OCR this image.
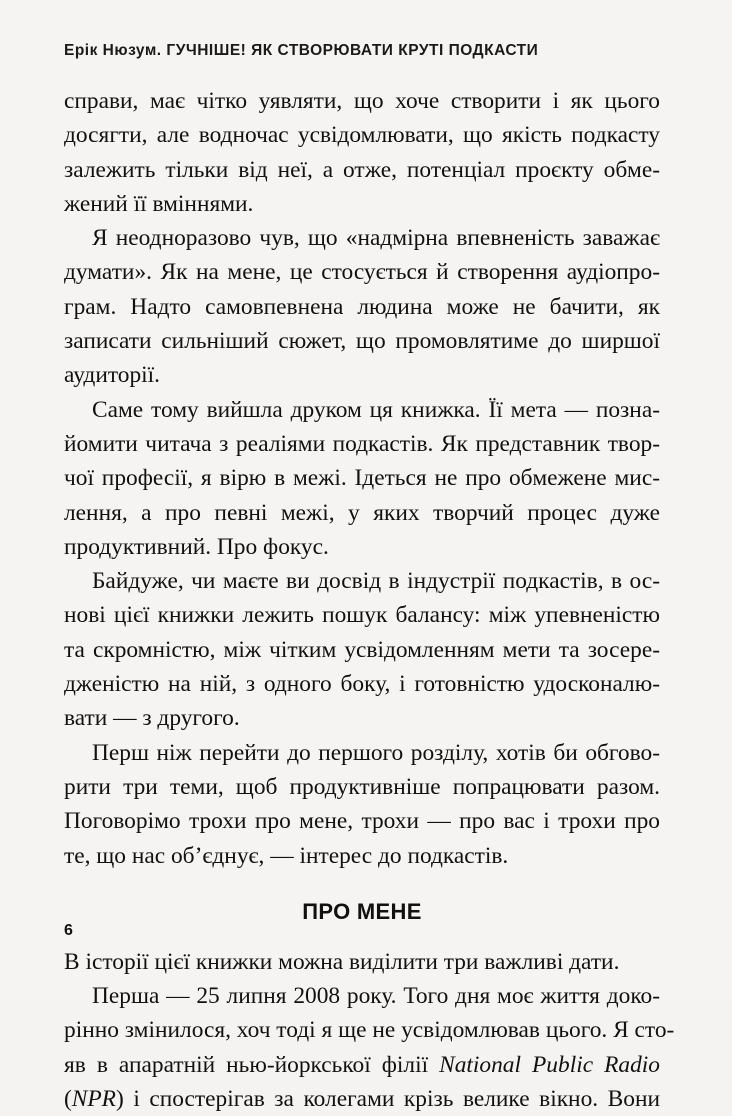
Ерік Нюзум. ГУЧНІШЕ! ЯК СТВОРЮВАТИ КРУТІ ПОДКАСТИ

справи, має чітко уявляти, що хоче створити і як цього
досягти, але водночас усвідомлювати, що якість подкасту
залежить тільки від неї, а отже, потенціал проєкту обме-
жений її вміннями.

Я неодноразово чув, що «надмірна впевненість заважає
думати». Як на мене, це стосується й створення аудіопро-
грам. Надто самовпевнена людина може не бачити, як
записати сильніший сюжет, що промовлятиме до ширшої
аудиторії.

Саме тому вийшла друком ця книжка. Її мета — позна-
йомити читача з реаліями подкастів. Як представник твор-
чої професії, я вірю в межі. Ідеться не про обмежене мис-
лення, а про певні межі, у яких творчий процес дуже
продуктивний. Про фокус.

Байдуже, чи маєте ви досвід в індустрії подкастів, в ос-
нові цієї книжки лежить пошук балансу: між упевненістю
та скромністю, між чітким усвідомленням мети та зосере-
дженістю на ній, з одного боку, і готовністю удосконалю-
вати — з другого.

Перш ніж перейти до першого розділу, хотів би обгово-
рити три теми, щоб продуктивніше попрацювати разом.
Поговорімо трохи про мене, трохи — про вас і трохи про
те, що нас об’єднує, — інтерес до подкастів.

ПРО МЕНЕ

В історії цієї книжки можна виділити три важливі дати.

Перша — 25 липня 2008 року. Того дня моє життя доко-
рінно змінилося, хоч тоді я ще не усвідомлював цього. Я сто-
яв в апаратній нью-йоркської філії National Public Radio
(NPR) і спостерігав за колегами крізь велике вікно. Вони

6
